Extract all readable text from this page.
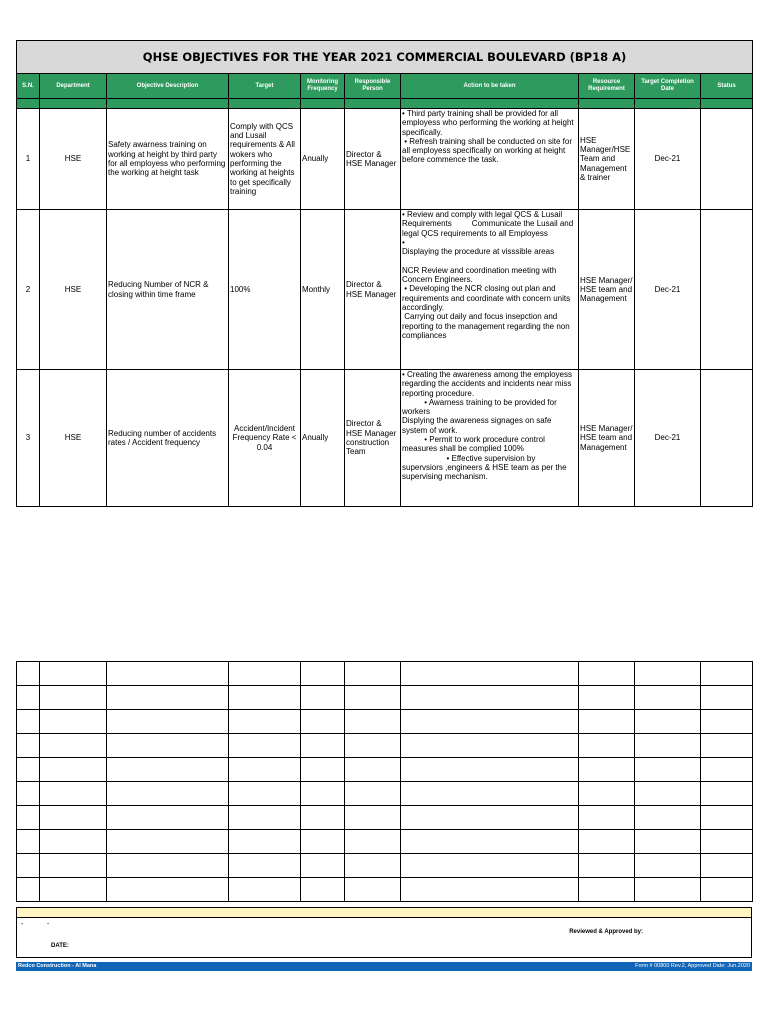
QHSE OBJECTIVES FOR THE YEAR 2021 COMMERCIAL BOULEVARD (BP18 A)									
S.N.	Department	Objective Description	Target	Monitoring Frequency	Responsible Person	Action to be taken	Resource Requirement	Target Completion Date	Status

1	HSE	Safety awarness training on working at height by third party for all employess who performing the working at height task	Comply with QCS and Lusail requirements & All wokers who performing the working at heights to get specifically training	Anually	Director & HSE Manager	• Third party training shall be provided for all employess who performing the working at height specifically.
• Refresh training shall be conducted on site for all employess specifically on working at height before commence the task.	HSE Manager/HSE Team and Management & trainer	Dec-21	
2	HSE	Reducing Number of NCR & closing within time frame	100%	Monthly	Director & HSE Manager	• Review and comply with legal QCS & Lusail Requirements         Communicate the Lusail and legal QCS requirements to all Employess                                                                    •
Displaying the procedure at visssible areas

NCR Review and coordination meeting with Concern Engineers.
• Developing the NCR closing out plan and requirements and coordinate with concern units accordingly.
Carrying out daily and focus insepction and reporting to the management regarding the non compliances	HSE Manager/ HSE team and Management	Dec-21	
3	HSE	Reducing number of accidents rates / Accident frequency	Accident/Incident Frequency Rate < 0.04	Anually	Director & HSE Manager construction Team	• Creating the awareness among the employess regarding the accidents and incidents near miss reporting procedure.
• Awarness training to be provided for workers
Displying the awareness signages on safe system of work.
• Permit to work procedure control measures shall be complied 100%
• Effective supervision by supervsiors ,engineers & HSE team as per the supervising mechanism.	HSE Manager/ HSE team and Management	Dec-21	

-	-
DATE:
Reviewed & Approved by:
Redco Construction - Al Mana	Form # 00800 Rev.2, Approved Date: Jun.2020
